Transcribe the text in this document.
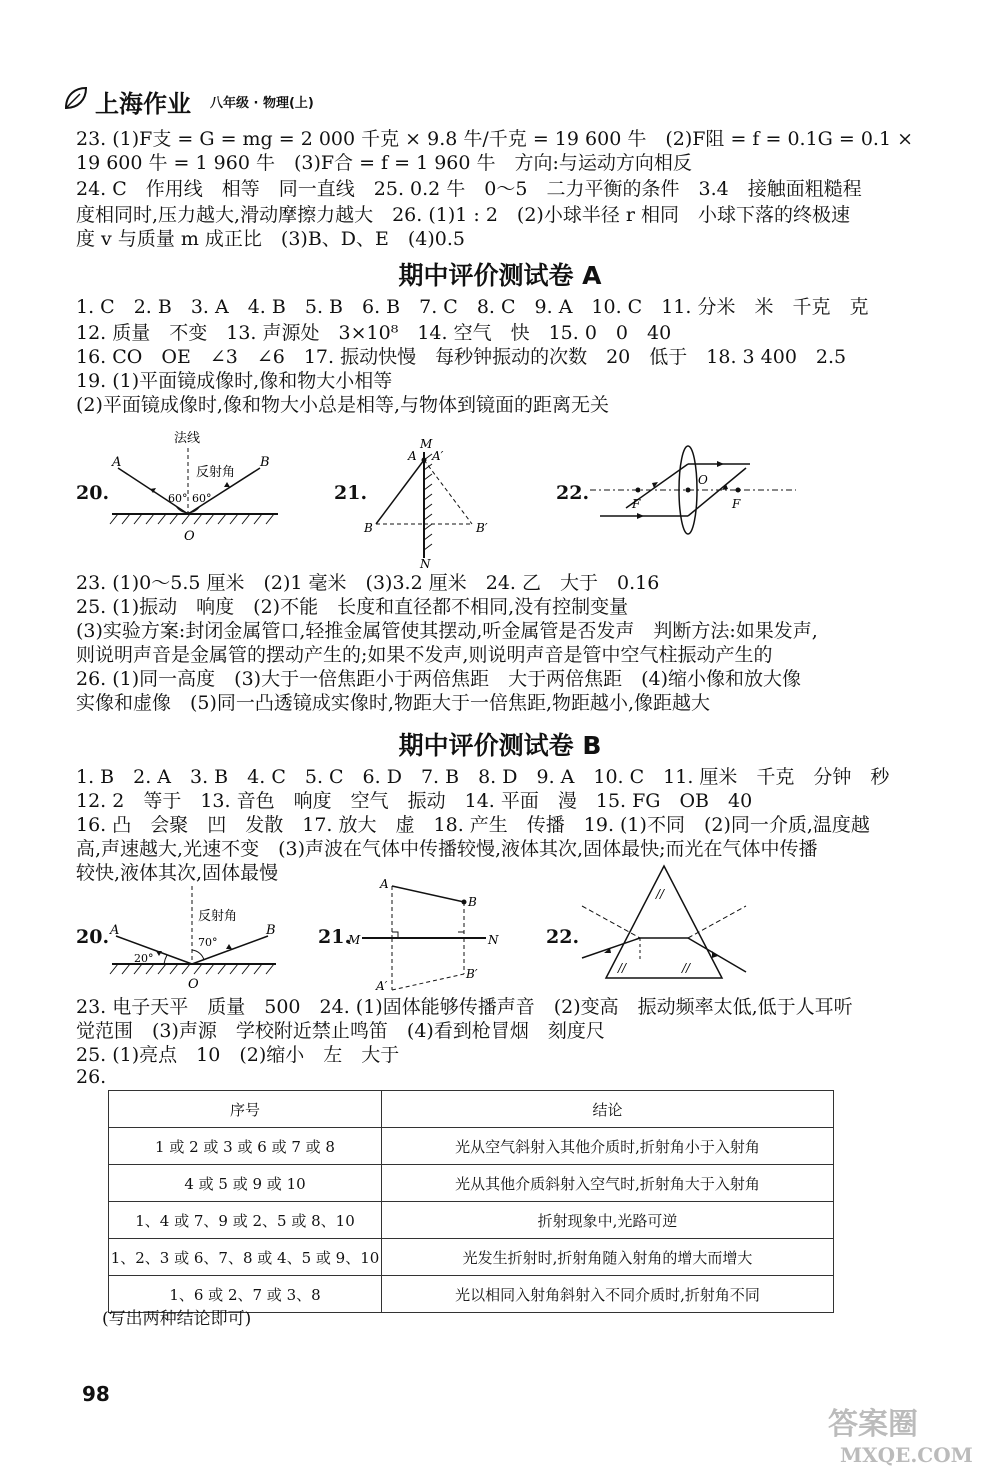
上海作业 八年级 · 物理(上)
23. (1)F支 = G = mg = 2 000 千克 × 9.8 牛/千克 = 19 600 牛　(2)F阻 = f = 0.1G = 0.1 ×
19 600 牛 = 1 960 牛　(3)F合 = f = 1 960 牛　方向:与运动方向相反
24. C　作用线　相等　同一直线　25. 0.2 牛　0～5　二力平衡的条件　3.4　接触面粗糙程
度相同时,压力越大,滑动摩擦力越大　26. (1)1 : 2　(2)小球半径 r 相同　小球下落的终极速
度 v 与质量 m 成正比　(3)B、D、E　(4)0.5
期中评价测试卷 A
1. C　2. B　3. A　4. B　5. B　6. B　7. C　8. C　9. A　10. C　11. 分米　米　千克　克
12. 质量　不变　13. 声源处　3×10⁸　14. 空气　快　15. 0　0　40
16. CO　OE　∠3　∠6　17. 振动快慢　每秒钟振动的次数　20　低于　18. 3 400　2.5
19. (1)平面镜成像时,像和物大小相等
(2)平面镜成像时,像和物大小总是相等,与物体到镜面的距离无关
20.
法线
反射角
A	B
O
60° 60°	21.
M
N
A A′
B	B′
22.
O
F	F
23. (1)0～5.5 厘米　(2)1 毫米　(3)3.2 厘米　24. 乙　大于　0.16
25. (1)振动　响度　(2)不能　长度和直径都不相同,没有控制变量
(3)实验方案:封闭金属管口,轻推金属管使其摆动,听金属管是否发声　判断方法:如果发声,
则说明声音是金属管的摆动产生的;如果不发声,则说明声音是管中空气柱振动产生的
26. (1)同一高度　(3)大于一倍焦距小于两倍焦距　大于两倍焦距　(4)缩小像和放大像
实像和虚像　(5)同一凸透镜成实像时,物距大于一倍焦距,物距越小,像距越大
期中评价测试卷 B
1. B　2. A　3. B　4. C　5. C　6. D　7. B　8. D　9. A　10. C　11. 厘米　千克　分钟　秒
12. 2　等于　13. 音色　响度　空气　振动　14. 平面　漫　15. FG　OB　40
16. 凸　会聚　凹　发散　17. 放大　虚　18. 产生　传播　19. (1)不同　(2)同一介质,温度越
高,声速越大,光速不变　(3)声波在气体中传播较慢,液体其次,固体最快;而光在气体中传播
较快,液体其次,固体最慢
20.
反射角
A	B
O
70°
20°
21.
A
B
M	N
A′
B′
22.
//
//	//
23. 电子天平　质量　500　24. (1)固体能够传播声音　(2)变高　振动频率太低,低于人耳听
觉范围　(3)声源　学校附近禁止鸣笛　(4)看到枪冒烟　刻度尺
25. (1)亮点　10　(2)缩小　左　大于
26.
序号	结论
1 或 2 或 3 或 6 或 7 或 8	光从空气斜射入其他介质时,折射角小于入射角
4 或 5 或 9 或 10	光从其他介质斜射入空气时,折射角大于入射角
1、4 或 7、9 或 2、5 或 8、10	折射现象中,光路可逆
1、2、3 或 6、7、8 或 4、5 或 9、10	光发生折射时,折射角随入射角的增大而增大
1、6 或 2、7 或 3、8	光以相同入射角斜射入不同介质时,折射角不同
(写出两种结论即可)
98
答案圈
MXQE.COM
